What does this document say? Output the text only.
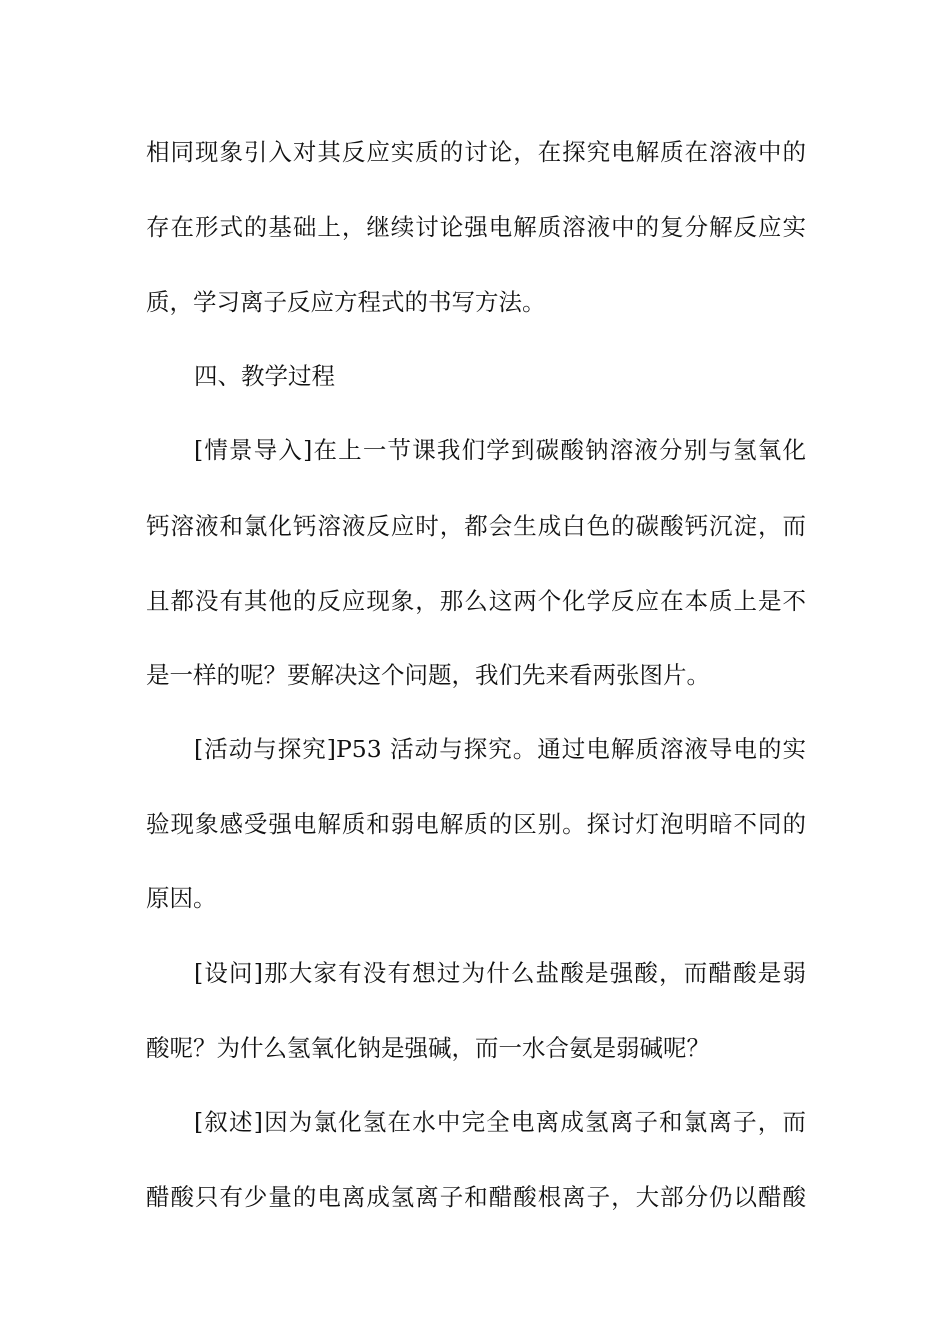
相同现象引入对其反应实质的讨论，在探究电解质在溶液中的
存在形式的基础上，继续讨论强电解质溶液中的复分解反应实
质，学习离子反应方程式的书写方法。
四、教学过程
[情景导入]在上一节课我们学到碳酸钠溶液分别与氢氧化
钙溶液和氯化钙溶液反应时，都会生成白色的碳酸钙沉淀，而
且都没有其他的反应现象，那么这两个化学反应在本质上是不
是一样的呢？要解决这个问题，我们先来看两张图片。
[活动与探究]P53 活动与探究。通过电解质溶液导电的实
验现象感受强电解质和弱电解质的区别。探讨灯泡明暗不同的
原因。
[设问]那大家有没有想过为什么盐酸是强酸，而醋酸是弱
酸呢？为什么氢氧化钠是强碱，而一水合氨是弱碱呢？
[叙述]因为氯化氢在水中完全电离成氢离子和氯离子，而
醋酸只有少量的电离成氢离子和醋酸根离子，大部分仍以醋酸
